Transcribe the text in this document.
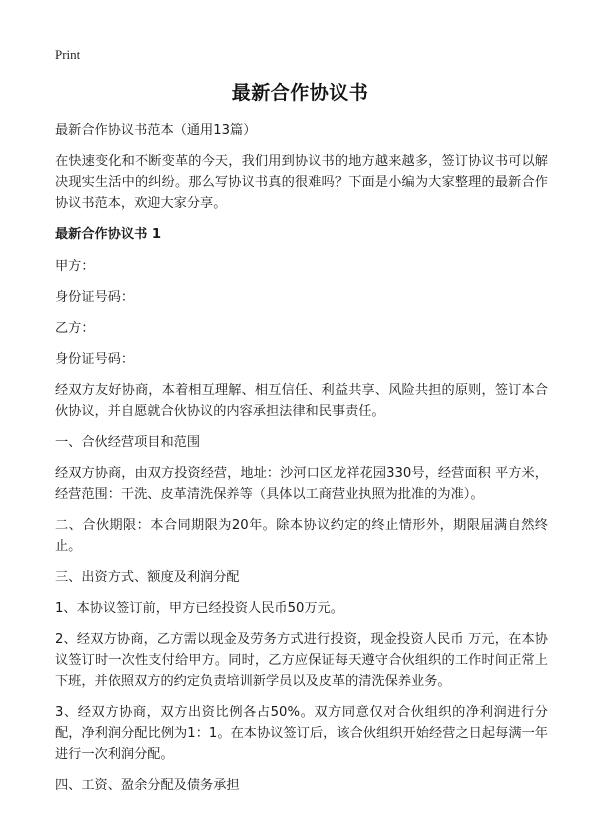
Print
最新合作协议书

最新合作协议书范本（通用13篇）

在快速变化和不断变革的今天，我们用到协议书的地方越来越多，签订协议书可以解决现实生活中的纠纷。那么写协议书真的很难吗？下面是小编为大家整理的最新合作协议书范本，欢迎大家分享。

最新合作协议书 1

甲方：

身份证号码：

乙方：

身份证号码：

经双方友好协商，本着相互理解、相互信任、利益共享、风险共担的原则，签订本合伙协议，并自愿就合伙协议的内容承担法律和民事责任。

一、合伙经营项目和范围

经双方协商，由双方投资经营，地址：沙河口区龙祥花园330号，经营面积 平方米，经营范围：干洗、皮革清洗保养等（具体以工商营业执照为批准的为准）。

二、合伙期限：本合同期限为20年。除本协议约定的终止情形外，期限届满自然终止。

三、出资方式、额度及利润分配

1、本协议签订前，甲方已经投资人民币50万元。

2、经双方协商，乙方需以现金及劳务方式进行投资，现金投资人民币 万元，在本协议签订时一次性支付给甲方。同时，乙方应保证每天遵守合伙组织的工作时间正常上下班，并依照双方的约定负责培训新学员以及皮革的清洗保养业务。

3、经双方协商，双方出资比例各占50%。双方同意仅对合伙组织的净利润进行分配，净利润分配比例为1：1。在本协议签订后，该合伙组织开始经营之日起每满一年进行一次利润分配。

四、工资、盈余分配及债务承担
